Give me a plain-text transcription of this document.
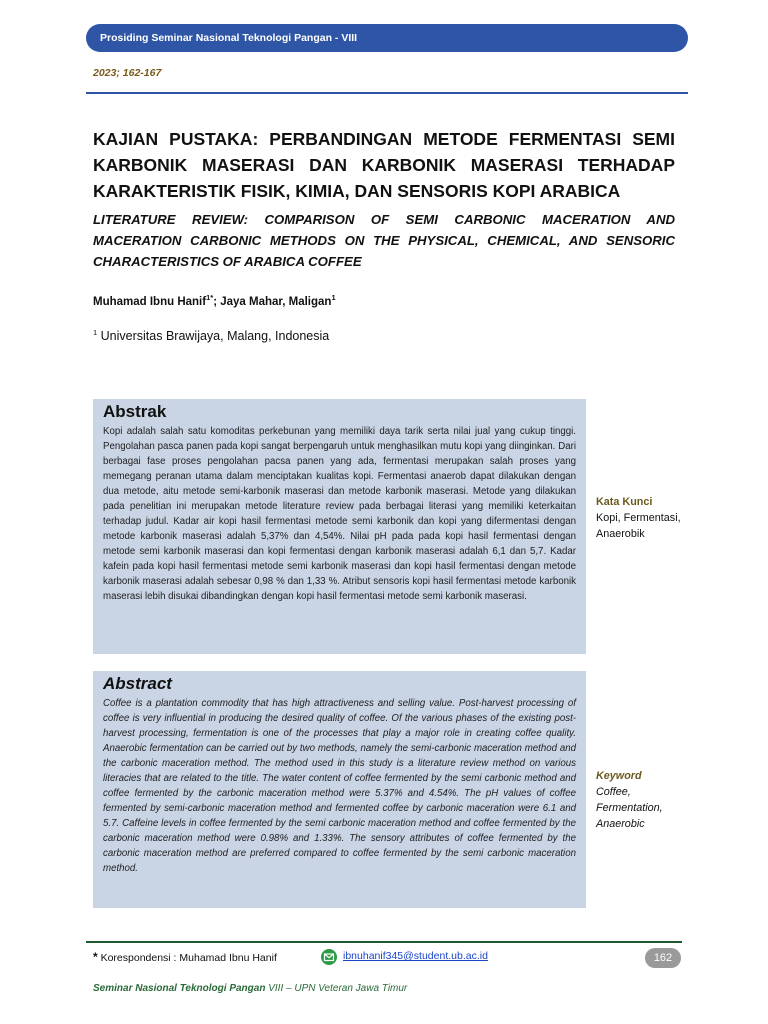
Prosiding Seminar Nasional Teknologi Pangan - VIII
2023; 162-167
KAJIAN PUSTAKA: PERBANDINGAN METODE FERMENTASI SEMI KARBONIK MASERASI DAN KARBONIK MASERASI TERHADAP KARAKTERISTIK FISIK, KIMIA, DAN SENSORIS KOPI ARABICA
LITERATURE REVIEW: COMPARISON OF SEMI CARBONIC MACERATION AND MACERATION CARBONIC METHODS ON THE PHYSICAL, CHEMICAL, AND SENSORIC CHARACTERISTICS OF ARABICA COFFEE
Muhamad Ibnu Hanif$^{1*}$; Jaya Mahar, Maligan$^1$
$^1$ Universitas Brawijaya, Malang, Indonesia
Abstrak

Kopi adalah salah satu komoditas perkebunan yang memiliki daya tarik serta nilai jual yang cukup tinggi. Pengolahan pasca panen pada kopi sangat berpengaruh untuk menghasilkan mutu kopi yang diinginkan. Dari berbagai fase proses pengolahan pacsa panen yang ada, fermentasi merupakan salah proses yang memegang peranan utama dalam menciptakan kualitas kopi. Fermentasi anaerob dapat dilakukan dengan dua metode, aitu metode semi-karbonik maserasi dan metode karbonik maserasi. Metode yang dilakukan pada penelitian ini merupakan metode literature review pada berbagai literasi yang memiliki keterkaitan terhadap judul. Kadar air kopi hasil fermentasi metode semi karbonik dan kopi yang difermentasi dengan metode karbonik maserasi adalah 5,37% dan 4,54%. Nilai pH pada pada kopi hasil fermentasi dengan metode semi karbonik maserasi dan kopi fermentasi dengan karbonik maserasi adalah 6,1 dan 5,7. Kadar kafein pada kopi hasil fermentasi metode semi karbonik maserasi dan kopi hasil fermentasi dengan metode karbonik maserasi adalah sebesar 0,98 % dan 1,33 %. Atribut sensoris kopi hasil fermentasi metode karbonik maserasi lebih disukai dibandingkan dengan kopi hasil fermentasi metode semi karbonik maserasi.

Kata Kunci
Kopi, Fermentasi,
Anaerobik
Abstract

Coffee is a plantation commodity that has high attractiveness and selling value. Post-harvest processing of coffee is very influential in producing the desired quality of coffee. Of the various phases of the existing post-harvest processing, fermentation is one of the processes that play a major role in creating coffee quality. Anaerobic fermentation can be carried out by two methods, namely the semi-carbonic maceration method and the carbonic maceration method. The method used in this study is a literature review method on various literacies that are related to the title. The water content of coffee fermented by the semi carbonic method and coffee fermented by the carbonic maceration method were 5.37% and 4.54%. The pH values of coffee fermented by semi-carbonic maceration method and fermented coffee by carbonic maceration were 6.1 and 5.7. Caffeine levels in coffee fermented by the semi carbonic maceration method and coffee fermented by the carbonic maceration method were 0.98% and 1.33%. The sensory attributes of coffee fermented by the carbonic maceration method are preferred compared to coffee fermented by the semi carbonic maceration method.

Keyword
Coffee,
Fermentation,
Anaerobic
* Korespondensi : Muhamad Ibnu Hanif	ibnuhanif345@student.ub.ac.id	162
Seminar Nasional Teknologi Pangan VIII – UPN Veteran Jawa Timur
